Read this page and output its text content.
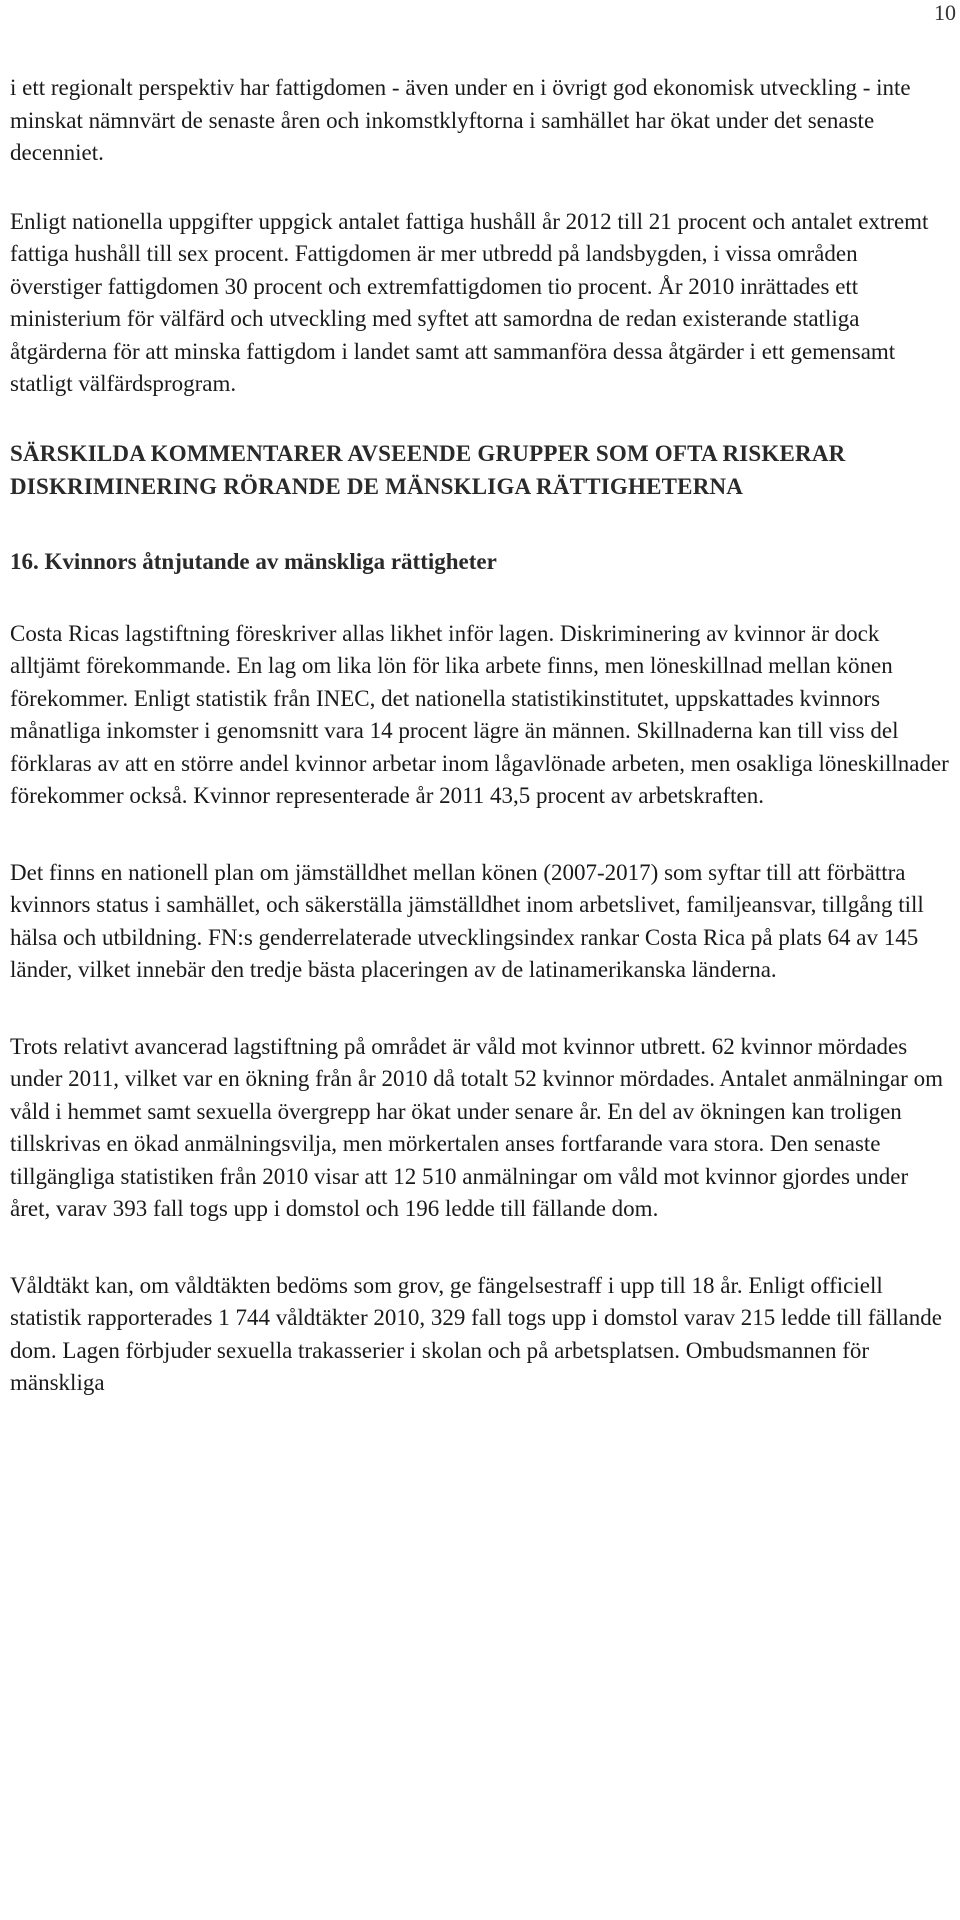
10

i ett regionalt perspektiv har fattigdomen - även under en i övrigt god ekonomisk utveckling - inte minskat nämnvärt de senaste åren och inkomstklyftorna i samhället har ökat under det senaste decenniet.

Enligt nationella uppgifter uppgick antalet fattiga hushåll år 2012 till 21 procent och antalet extremt fattiga hushåll till sex procent. Fattigdomen är mer utbredd på landsbygden, i vissa områden överstiger fattigdomen 30 procent och extremfattigdomen tio procent. År 2010 inrättades ett ministerium för välfärd och utveckling med syftet att samordna de redan existerande statliga åtgärderna för att minska fattigdom i landet samt att sammanföra dessa åtgärder i ett gemensamt statligt välfärdsprogram.

SÄRSKILDA KOMMENTARER AVSEENDE GRUPPER SOM OFTA RISKERAR DISKRIMINERING RÖRANDE DE MÄNSKLIGA RÄTTIGHETERNA
16. Kvinnors åtnjutande av mänskliga rättigheter

Costa Ricas lagstiftning föreskriver allas likhet inför lagen. Diskriminering av kvinnor är dock alltjämt förekommande. En lag om lika lön för lika arbete finns, men löneskillnad mellan könen förekommer. Enligt statistik från INEC, det nationella statistikinstitutet, uppskattades kvinnors månatliga inkomster i genomsnitt vara 14 procent lägre än männen. Skillnaderna kan till viss del förklaras av att en större andel kvinnor arbetar inom lågavlönade arbeten, men osakliga löneskillnader förekommer också. Kvinnor representerade år 2011 43,5 procent av arbetskraften.

Det finns en nationell plan om jämställdhet mellan könen (2007-2017) som syftar till att förbättra kvinnors status i samhället, och säkerställa jämställdhet inom arbetslivet, familjeansvar, tillgång till hälsa och utbildning. FN:s genderrelaterade utvecklingsindex rankar Costa Rica på plats 64 av 145 länder, vilket innebär den tredje bästa placeringen av de latinamerikanska länderna.

Trots relativt avancerad lagstiftning på området är våld mot kvinnor utbrett. 62 kvinnor mördades under 2011, vilket var en ökning från år 2010 då totalt 52 kvinnor mördades. Antalet anmälningar om våld i hemmet samt sexuella övergrepp har ökat under senare år. En del av ökningen kan troligen tillskrivas en ökad anmälningsvilja, men mörkertalen anses fortfarande vara stora. Den senaste tillgängliga statistiken från 2010 visar att 12 510 anmälningar om våld mot kvinnor gjordes under året, varav 393 fall togs upp i domstol och 196 ledde till fällande dom.

Våldtäkt kan, om våldtäkten bedöms som grov, ge fängelsestraff i upp till 18 år. Enligt officiell statistik rapporterades 1 744 våldtäkter 2010, 329 fall togs upp i domstol varav 215 ledde till fällande dom. Lagen förbjuder sexuella trakasserier i skolan och på arbetsplatsen. Ombudsmannen för mänskliga
